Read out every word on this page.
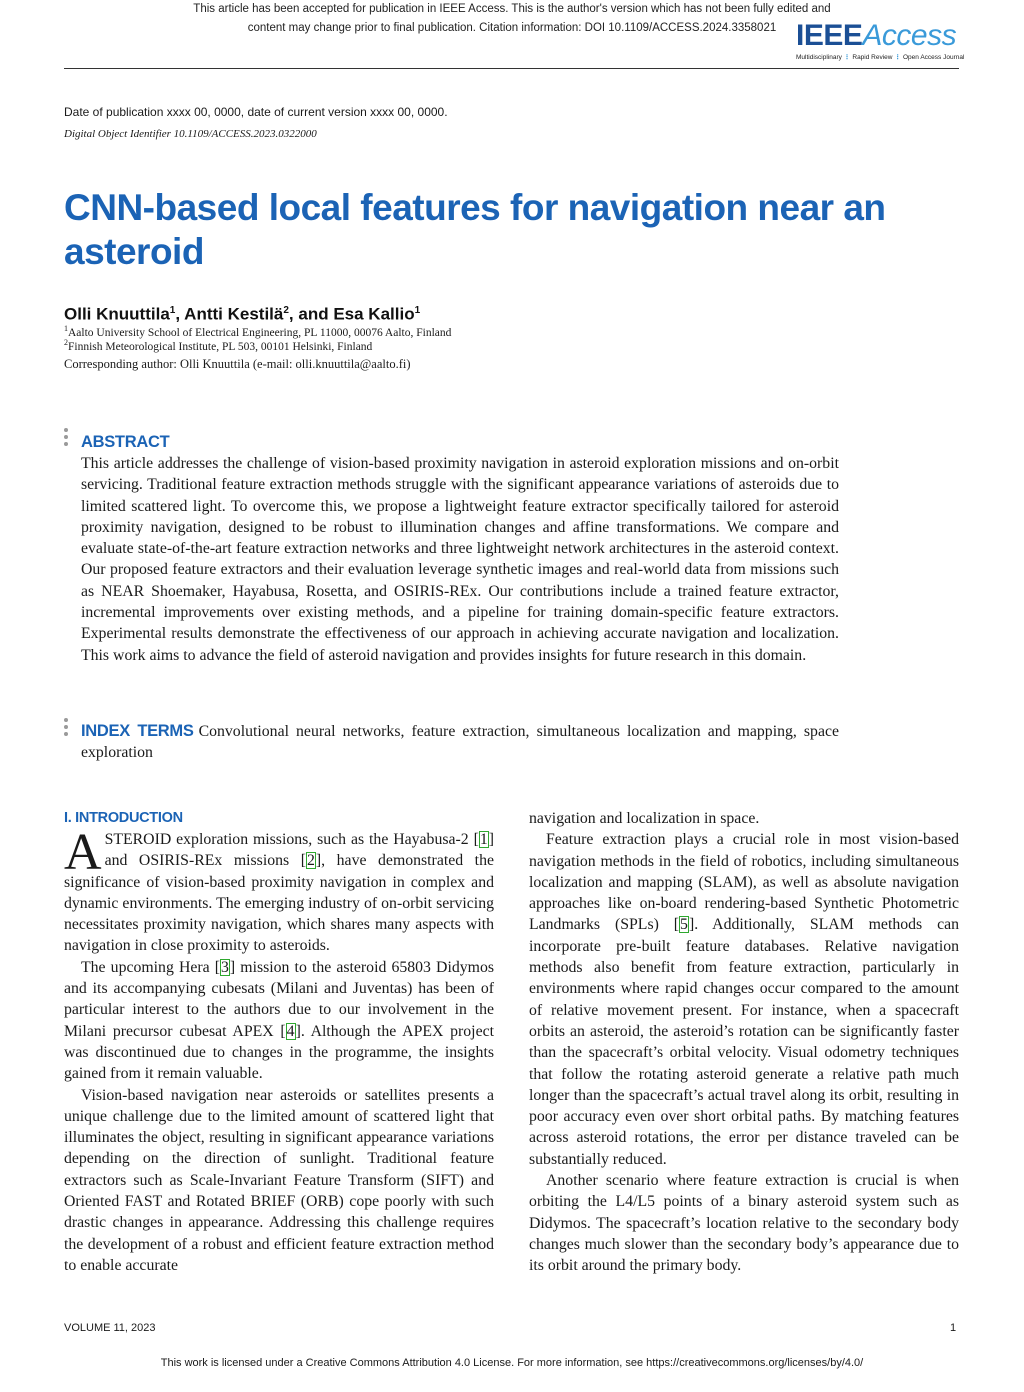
This article has been accepted for publication in IEEE Access. This is the author's version which has not been fully edited and
content may change prior to final publication. Citation information: DOI 10.1109/ACCESS.2024.3358021 IEEEAccess
Multidisciplinary ⋮ Rapid Review ⋮ Open Access Journal
Date of publication xxxx 00, 0000, date of current version xxxx 00, 0000.
Digital Object Identifier 10.1109/ACCESS.2023.0322000
CNN-based local features for navigation near an asteroid
Olli Knuuttila$^1$, Antti Kestilä$^2$, and Esa Kallio$^1$
$^1$Aalto University School of Electrical Engineering, PL 11000, 00076 Aalto, Finland
$^2$Finnish Meteorological Institute, PL 503, 00101 Helsinki, Finland
Corresponding author: Olli Knuuttila (e-mail: olli.knuuttila@aalto.fi)
ABSTRACT
This article addresses the challenge of vision-based proximity navigation in asteroid exploration missions and on-orbit servicing. Traditional feature extraction methods struggle with the significant appearance variations of asteroids due to limited scattered light. To overcome this, we propose a lightweight feature extractor specifically tailored for asteroid proximity navigation, designed to be robust to illumination changes and affine transformations. We compare and evaluate state-of-the-art feature extraction networks and three lightweight network architectures in the asteroid context. Our proposed feature extractors and their evaluation leverage synthetic images and real-world data from missions such as NEAR Shoemaker, Hayabusa, Rosetta, and OSIRIS-REx. Our contributions include a trained feature extractor, incremental improvements over existing methods, and a pipeline for training domain-specific feature extractors. Experimental results demonstrate the effectiveness of our approach in achieving accurate navigation and localization. This work aims to advance the field of asteroid navigation and provides insights for future research in this domain.
INDEX TERMS Convolutional neural networks, feature extraction, simultaneous localization and mapping, space exploration
I. INTRODUCTION

ASTEROID exploration missions, such as the Hayabusa-2 [1] and OSIRIS-REx missions [2], have demonstrated the significance of vision-based proximity navigation in complex and dynamic environments. The emerging industry of on-orbit servicing necessitates proximity navigation, which shares many aspects with navigation in close proximity to asteroids.

The upcoming Hera [3] mission to the asteroid 65803 Didymos and its accompanying cubesats (Milani and Juventas) has been of particular interest to the authors due to our involvement in the Milani precursor cubesat APEX [4]. Although the APEX project was discontinued due to changes in the programme, the insights gained from it remain valuable.

Vision-based navigation near asteroids or satellites presents a unique challenge due to the limited amount of scattered light that illuminates the object, resulting in significant appearance variations depending on the direction of sunlight. Traditional feature extractors such as Scale-Invariant Feature Transform (SIFT) and Oriented FAST and Rotated BRIEF (ORB) cope poorly with such drastic changes in appearance. Addressing this challenge requires the development of a robust and efficient feature extraction method to enable accurate

navigation and localization in space.

Feature extraction plays a crucial role in most vision-based navigation methods in the field of robotics, including simultaneous localization and mapping (SLAM), as well as absolute navigation approaches like on-board rendering-based Synthetic Photometric Landmarks (SPLs) [5]. Additionally, SLAM methods can incorporate pre-built feature databases. Relative navigation methods also benefit from feature extraction, particularly in environments where rapid changes occur compared to the amount of relative movement present. For instance, when a spacecraft orbits an asteroid, the asteroid’s rotation can be significantly faster than the spacecraft’s orbital velocity. Visual odometry techniques that follow the rotating asteroid generate a relative path much longer than the spacecraft’s actual travel along its orbit, resulting in poor accuracy even over short orbital paths. By matching features across asteroid rotations, the error per distance traveled can be substantially reduced.

Another scenario where feature extraction is crucial is when orbiting the L4/L5 points of a binary asteroid system such as Didymos. The spacecraft’s location relative to the secondary body changes much slower than the secondary body’s appearance due to its orbit around the primary body.

VOLUME 11, 2023	1
This work is licensed under a Creative Commons Attribution 4.0 License. For more information, see https://creativecommons.org/licenses/by/4.0/
